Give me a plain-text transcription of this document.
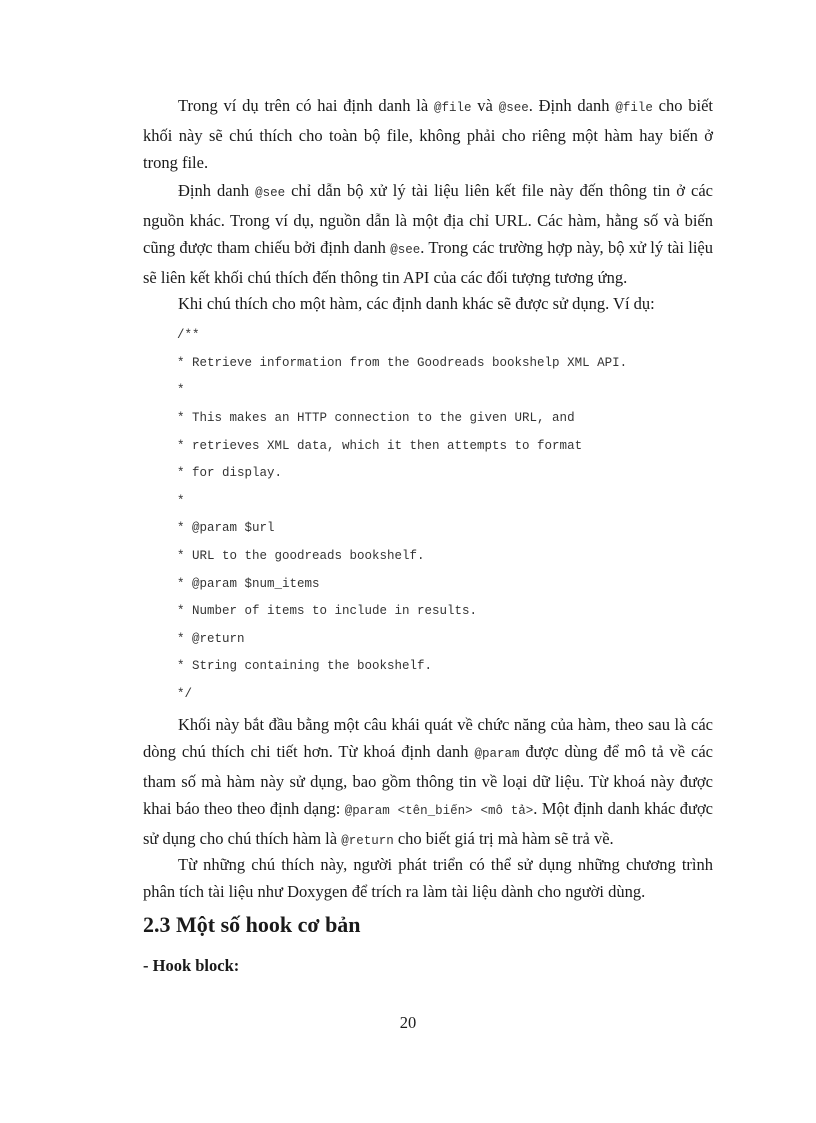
Trong ví dụ trên có hai định danh là @file và @see. Định danh @file cho biết khối này sẽ chú thích cho toàn bộ file, không phải cho riêng một hàm hay biến ở trong file.

Định danh @see chỉ dẫn bộ xử lý tài liệu liên kết file này đến thông tin ở các nguồn khác. Trong ví dụ, nguồn dẫn là một địa chỉ URL. Các hàm, hằng số và biến cũng được tham chiếu bởi định danh @see. Trong các trường hợp này, bộ xử lý tài liệu sẽ liên kết khối chú thích đến thông tin API của các đối tượng tương ứng.

Khi chú thích cho một hàm, các định danh khác sẽ được sử dụng. Ví dụ:

/**

* Retrieve information from the Goodreads bookshelp XML API.

*

* This makes an HTTP connection to the given URL, and

* retrieves XML data, which it then attempts to format

* for display.

*

* @param $url

* URL to the goodreads bookshelf.

* @param $num_items

* Number of items to include in results.

* @return

* String containing the bookshelf.

*/

Khối này bắt đầu bằng một câu khái quát về chức năng của hàm, theo sau là các dòng chú thích chi tiết hơn. Từ khoá định danh @param được dùng để mô tả về các tham số mà hàm này sử dụng, bao gồm thông tin về loại dữ liệu. Từ khoá này được khai báo theo theo định dạng: @param <tên_biến> <mô tả>. Một định danh khác được sử dụng cho chú thích hàm là @return cho biết giá trị mà hàm sẽ trả về.

Từ những chú thích này, người phát triển có thể sử dụng những chương trình phân tích tài liệu như Doxygen để trích ra làm tài liệu dành cho người dùng.

2.3 Một số hook cơ bản

- Hook block:

20
